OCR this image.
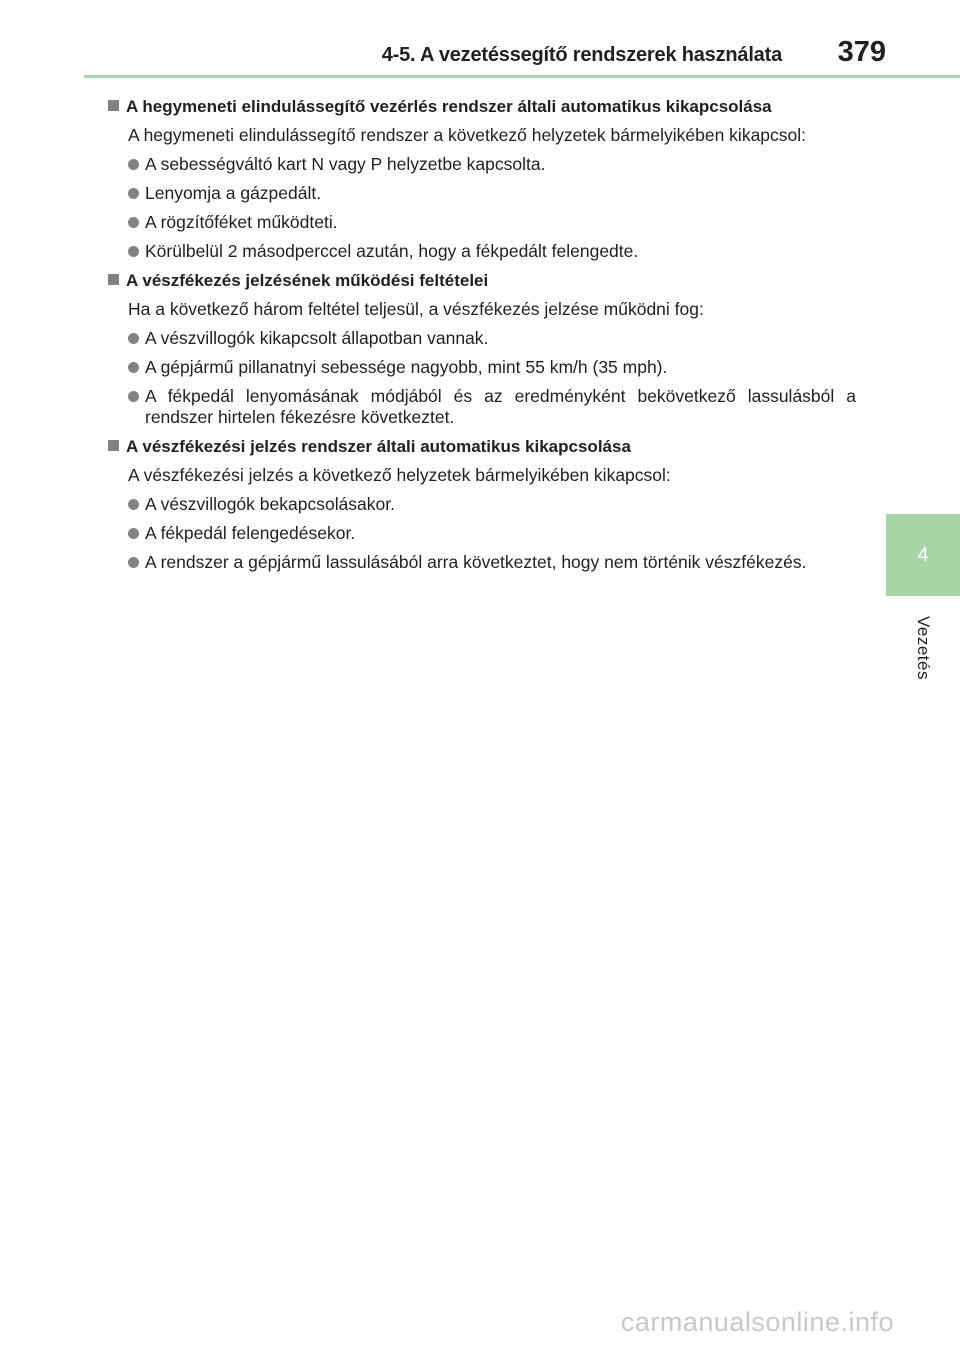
4-5. A vezetéssegítő rendszerek használata 379
4
Vezetés
A hegymeneti elindulássegítő vezérlés rendszer általi automatikus kikapcsolása
A hegymeneti elindulássegítő rendszer a következő helyzetek bármelyikében kikapcsol:
A sebességváltó kart N vagy P helyzetbe kapcsolta.
Lenyomja a gázpedált.
A rögzítőféket működteti.
Körülbelül 2 másodperccel azután, hogy a fékpedált felengedte.
A vészfékezés jelzésének működési feltételei
Ha a következő három feltétel teljesül, a vészfékezés jelzése működni fog:
A vészvillogók kikapcsolt állapotban vannak.
A gépjármű pillanatnyi sebessége nagyobb, mint 55 km/h (35 mph).
A fékpedál lenyomásának módjából és az eredményként bekövetkező lassulásból a rendszer hirtelen fékezésre következtet.
A vészfékezési jelzés rendszer általi automatikus kikapcsolása
A vészfékezési jelzés a következő helyzetek bármelyikében kikapcsol:
A vészvillogók bekapcsolásakor.
A fékpedál felengedésekor.
A rendszer a gépjármű lassulásából arra következtet, hogy nem történik vészfékezés.
carmanualsonline.info
